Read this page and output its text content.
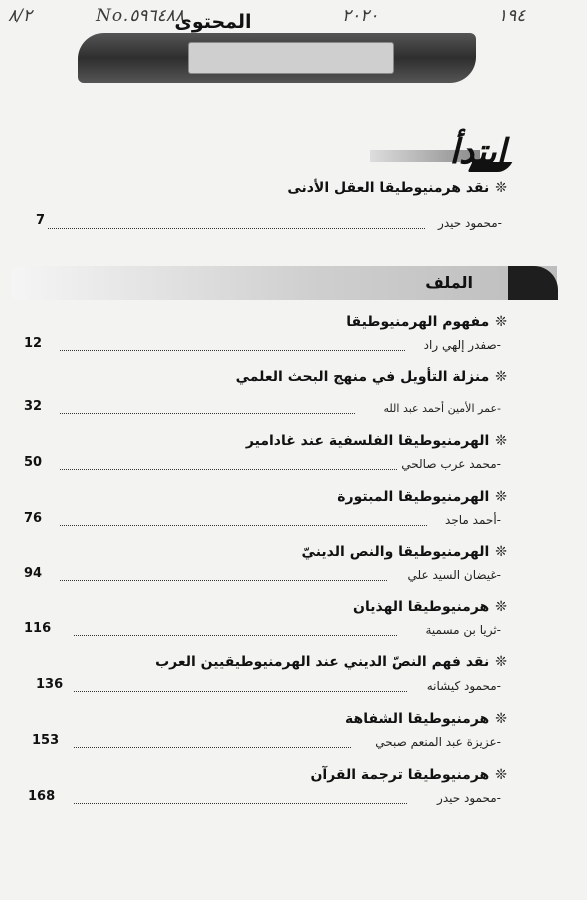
٨/٢	No.٥٩٦٤٨٨	٢٠٢٠	١٩٤
المحتوى
ابتدأ
❊نقد هرمنيوطيقا العقل الأدنى
-محمود حيدر
7
الملف
❊مفهوم الهرمنيوطيقا
-صفدر إلهي راد
12
❊منزلة التأويل في منهج البحث العلمي
-عمر الأمين أحمد عبد الله
32
❊الهرمنيوطيقا الفلسفية عند غادامير
-محمد عرب صالحي
50
❊الهرمنيوطيقا المبتورة
-أحمد ماجد
76
❊الهرمنيوطيقا والنص الدينيّ
-غيضان السيد علي
94
❊هرمنيوطيقا الهذيان
-ثريا بن مسمية
116
❊نقد فهم النصّ الديني عند الهرمنيوطيقيين العرب
-محمود كيشانه
136
❊هرمنيوطيقا الشفاهة
-عزيزة عبد المنعم صبحي
153
❊هرمنيوطيقا ترجمة القرآن
-محمود حيدر
168
